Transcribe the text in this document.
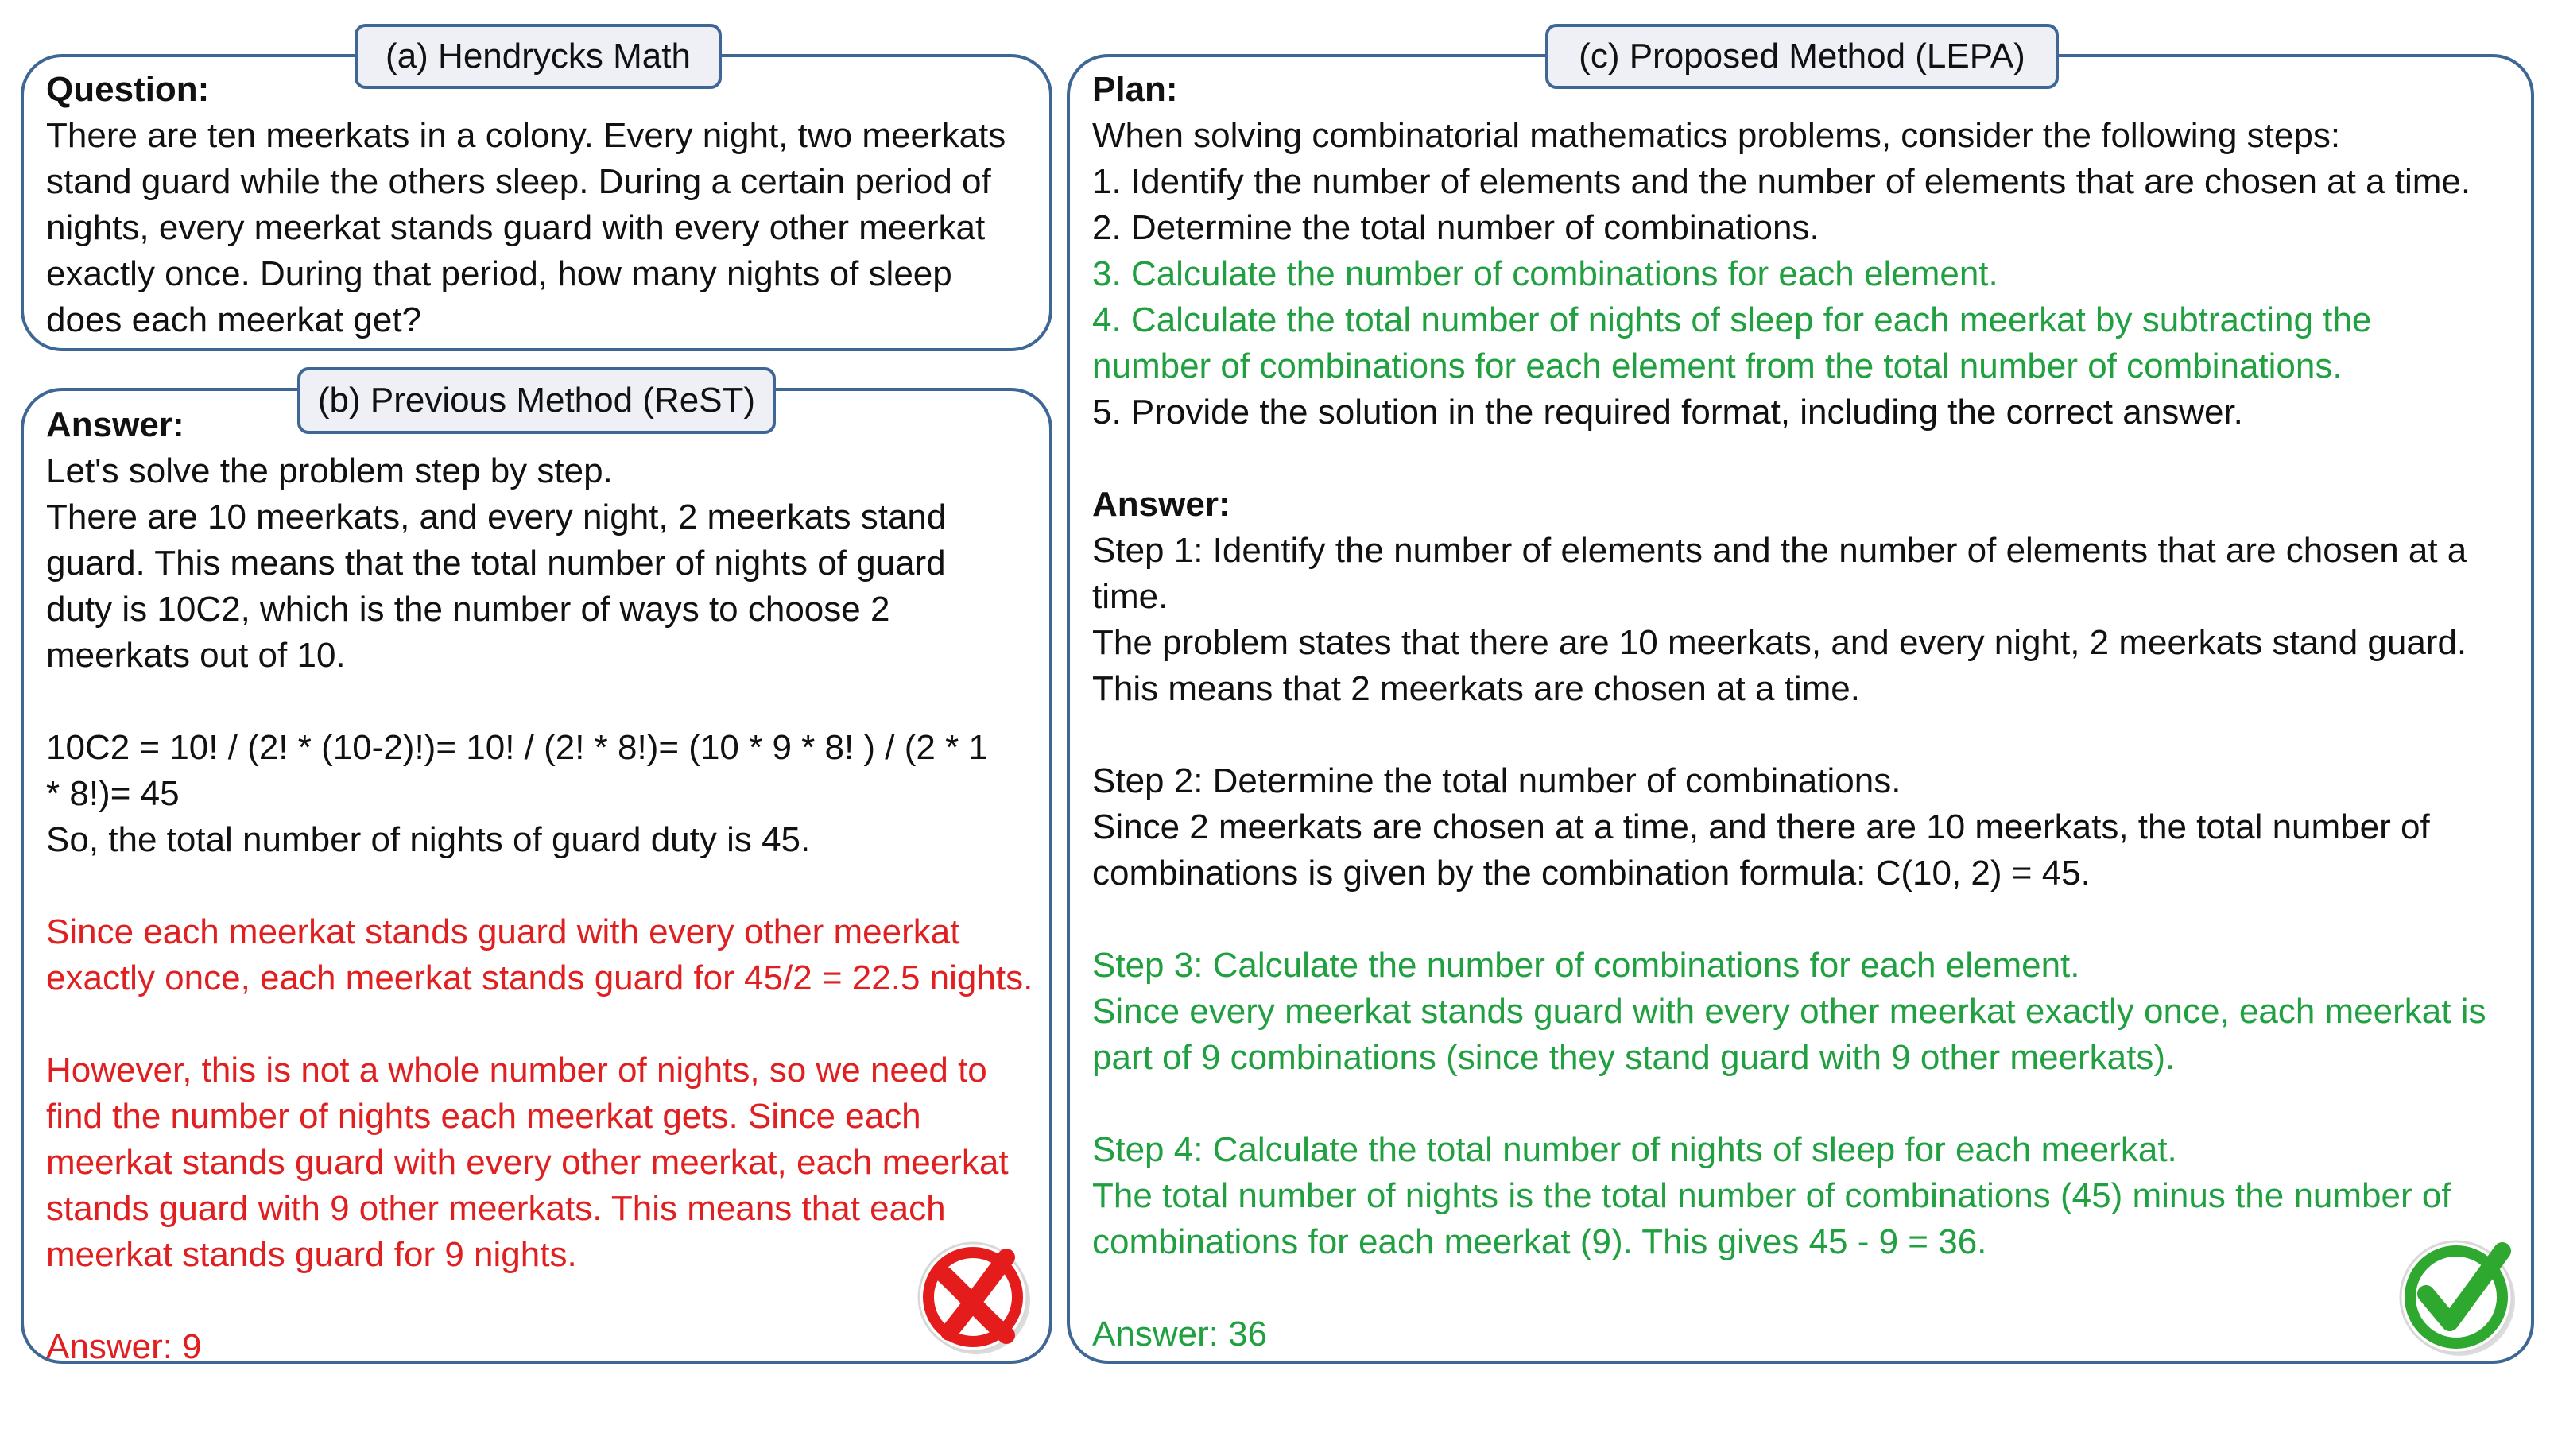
(a) Hendrycks Math
Question:
There are ten meerkats in a colony. Every night, two meerkats
stand guard while the others sleep. During a certain period of
nights, every meerkat stands guard with every other meerkat
exactly once. During that period, how many nights of sleep
does each meerkat get?
(b) Previous Method (ReST)
Answer:
Let's solve the problem step by step.
There are 10 meerkats, and every night, 2 meerkats stand
guard. This means that the total number of nights of guard
duty is 10C2, which is the number of ways to choose 2
meerkats out of 10.
10C2 = 10! / (2! * (10-2)!)= 10! / (2! * 8!)= (10 * 9 * 8! ) / (2 * 1
* 8!)= 45
So, the total number of nights of guard duty is 45.
Since each meerkat stands guard with every other meerkat
exactly once, each meerkat stands guard for 45/2 = 22.5 nights.
However, this is not a whole number of nights, so we need to
find the number of nights each meerkat gets. Since each
meerkat stands guard with every other meerkat, each meerkat
stands guard with 9 other meerkats. This means that each
meerkat stands guard for 9 nights.
Answer: 9
(c) Proposed Method (LEPA)
Plan:
When solving combinatorial mathematics problems, consider the following steps:
1. Identify the number of elements and the number of elements that are chosen at a time.
2. Determine the total number of combinations.
3. Calculate the number of combinations for each element.
4. Calculate the total number of nights of sleep for each meerkat by subtracting the
number of combinations for each element from the total number of combinations.
5. Provide the solution in the required format, including the correct answer.
Answer:
Step 1: Identify the number of elements and the number of elements that are chosen at a
time.
The problem states that there are 10 meerkats, and every night, 2 meerkats stand guard.
This means that 2 meerkats are chosen at a time.
Step 2: Determine the total number of combinations.
Since 2 meerkats are chosen at a time, and there are 10 meerkats, the total number of
combinations is given by the combination formula: C(10, 2) = 45.
Step 3: Calculate the number of combinations for each element.
Since every meerkat stands guard with every other meerkat exactly once, each meerkat is
part of 9 combinations (since they stand guard with 9 other meerkats).
Step 4: Calculate the total number of nights of sleep for each meerkat.
The total number of nights is the total number of combinations (45) minus the number of
combinations for each meerkat (9). This gives 45 - 9 = 36.
Answer: 36
